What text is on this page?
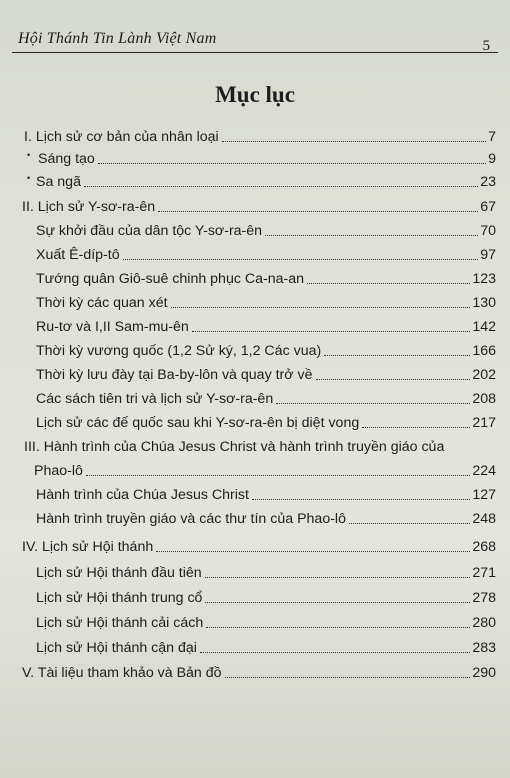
Hội Thánh Tin Lành Việt Nam	5
Mục lục
I. Lịch sử cơ bản của nhân loại	7
• Sáng tạo	9
• Sa ngã	23
II. Lịch sử Y-sơ-ra-ên	67
Sự khởi đầu của dân tộc Y-sơ-ra-ên	70
Xuất Ê-díp-tô	97
Tướng quân Giô-suê chinh phục Ca-na-an	123
Thời kỳ các quan xét	130
Ru-tơ và I,II Sam-mu-ên	142
Thời kỳ vương quốc (1,2 Sử ký, 1,2 Các vua)	166
Thời kỳ lưu đày tại Ba-by-lôn và quay trở về	202
Các sách tiên tri và lịch sử Y-sơ-ra-ên	208
Lịch sử các đế quốc sau khi Y-sơ-ra-ên bị diệt vong	217
III. Hành trình của Chúa Jesus Christ và hành trình truyền giáo của
Phao-lô	224
Hành trình của Chúa Jesus Christ	127
Hành trình truyền giáo và các thư tín của Phao-lô	248
IV. Lịch sử Hội thánh	268
Lịch sử Hội thánh đầu tiên	271
Lịch sử Hội thánh trung cổ	278
Lịch sử Hội thánh cải cách	280
Lịch sử Hội thánh cận đại	283
V. Tài liệu tham khảo và Bản đồ	290
